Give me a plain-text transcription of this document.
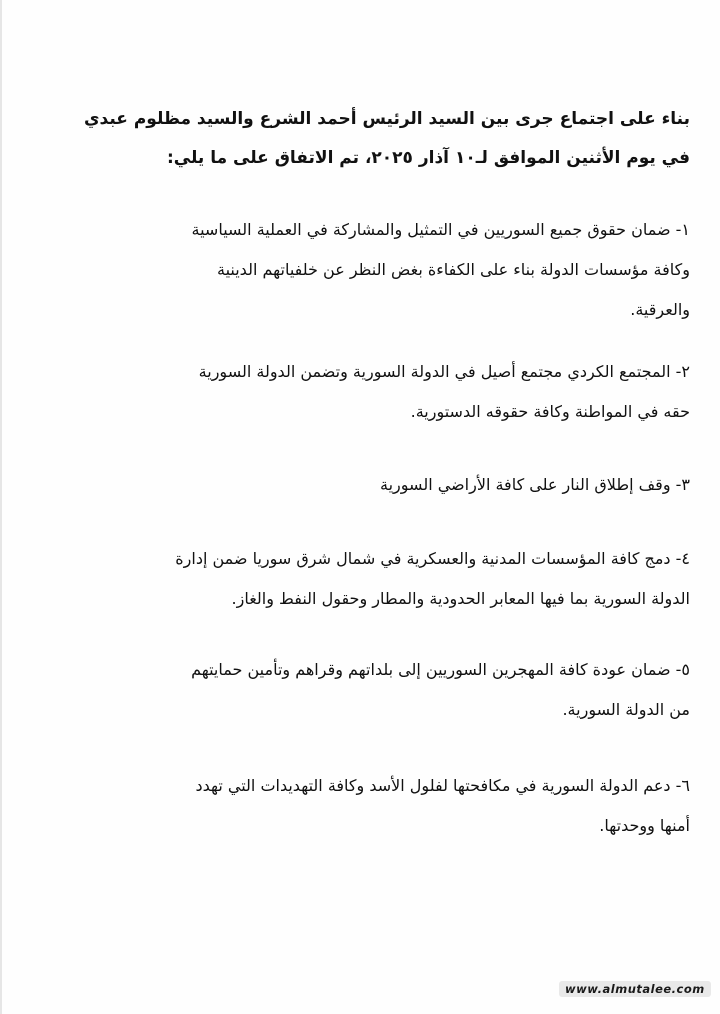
بناء على اجتماع جرى بين السيد الرئيس أحمد الشرع والسيد مظلوم عبدي
في يوم الأثنين الموافق لـ١٠ آذار ٢٠٢٥، تم الاتفاق على ما يلي:
١- ضمان حقوق جميع السوريين في التمثيل والمشاركة في العملية السياسية
وكافة مؤسسات الدولة بناء على الكفاءة بغض النظر عن خلفياتهم الدينية
والعرقية.
٢- المجتمع الكردي مجتمع أصيل في الدولة السورية وتضمن الدولة السورية
حقه في المواطنة وكافة حقوقه الدستورية.
٣- وقف إطلاق النار على كافة الأراضي السورية
٤- دمج كافة المؤسسات المدنية والعسكرية في شمال شرق سوريا ضمن إدارة
الدولة السورية بما فيها المعابر الحدودية والمطار وحقول النفط والغاز.
٥- ضمان عودة كافة المهجرين السوريين إلى بلداتهم وقراهم وتأمين حمايتهم
من الدولة السورية.
٦- دعم الدولة السورية في مكافحتها لفلول الأسد وكافة التهديدات التي تهدد
أمنها ووحدتها.
www.almutalee.com
